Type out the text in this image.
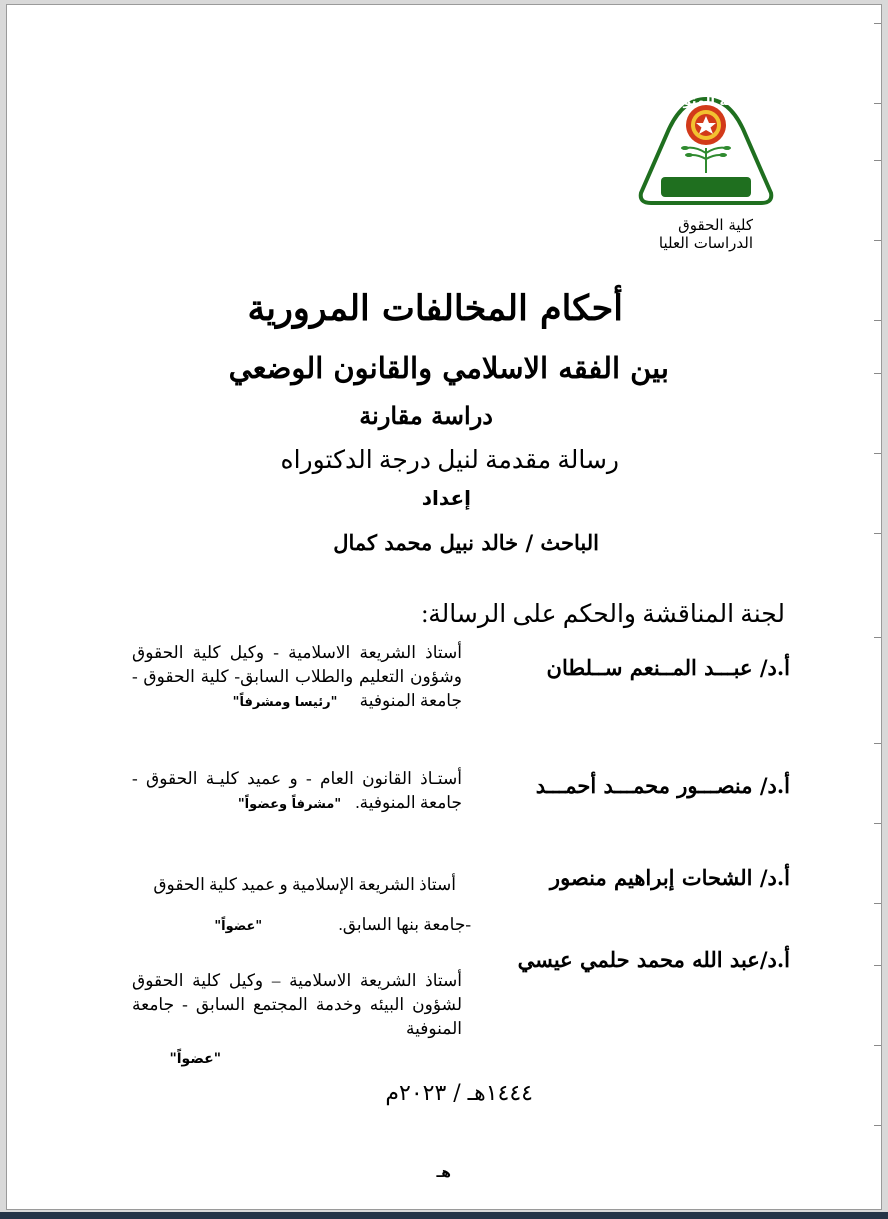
جامعة المنوفية
كلية الحقوق
الدراسات العليا
أحكام المخالفات المرورية
بين الفقه الاسلامي والقانون الوضعي
دراسة مقارنة
رسالة مقدمة لنيل درجة الدكتوراه
إعداد
الباحث / خالد نبيل محمد كمال
لجنة المناقشة والحكم على الرسالة:
أ.د/ عبـــد المــنعم ســلطان
أستاذ الشريعة الاسلامية - وكيل كلية الحقوق وشؤون التعليم والطلاب السابق- كلية الحقوق - جامعة المنوفية "رئيسا ومشرفاً"
أ.د/ منصـــور محمـــد أحمـــد
أستـاذ القانون العام - و عميد كليـة الحقوق - جامعة المنوفية. "مشرفاً وعضواً"
أ.د/ الشحات إبراهيم منصور
أستاذ الشريعة الإسلامية و عميد كلية الحقوق
-جامعة بنها السابق. "عضواً"
أ.د/عبد الله محمد حلمي عيسي
أستاذ الشريعة الاسلامية – وكيل كلية الحقوق لشؤون البيئه وخدمة المجتمع السابق - جامعة المنوفية
"عضواً"
١٤٤٤هـ / ٢٠٢٣م
هـ
